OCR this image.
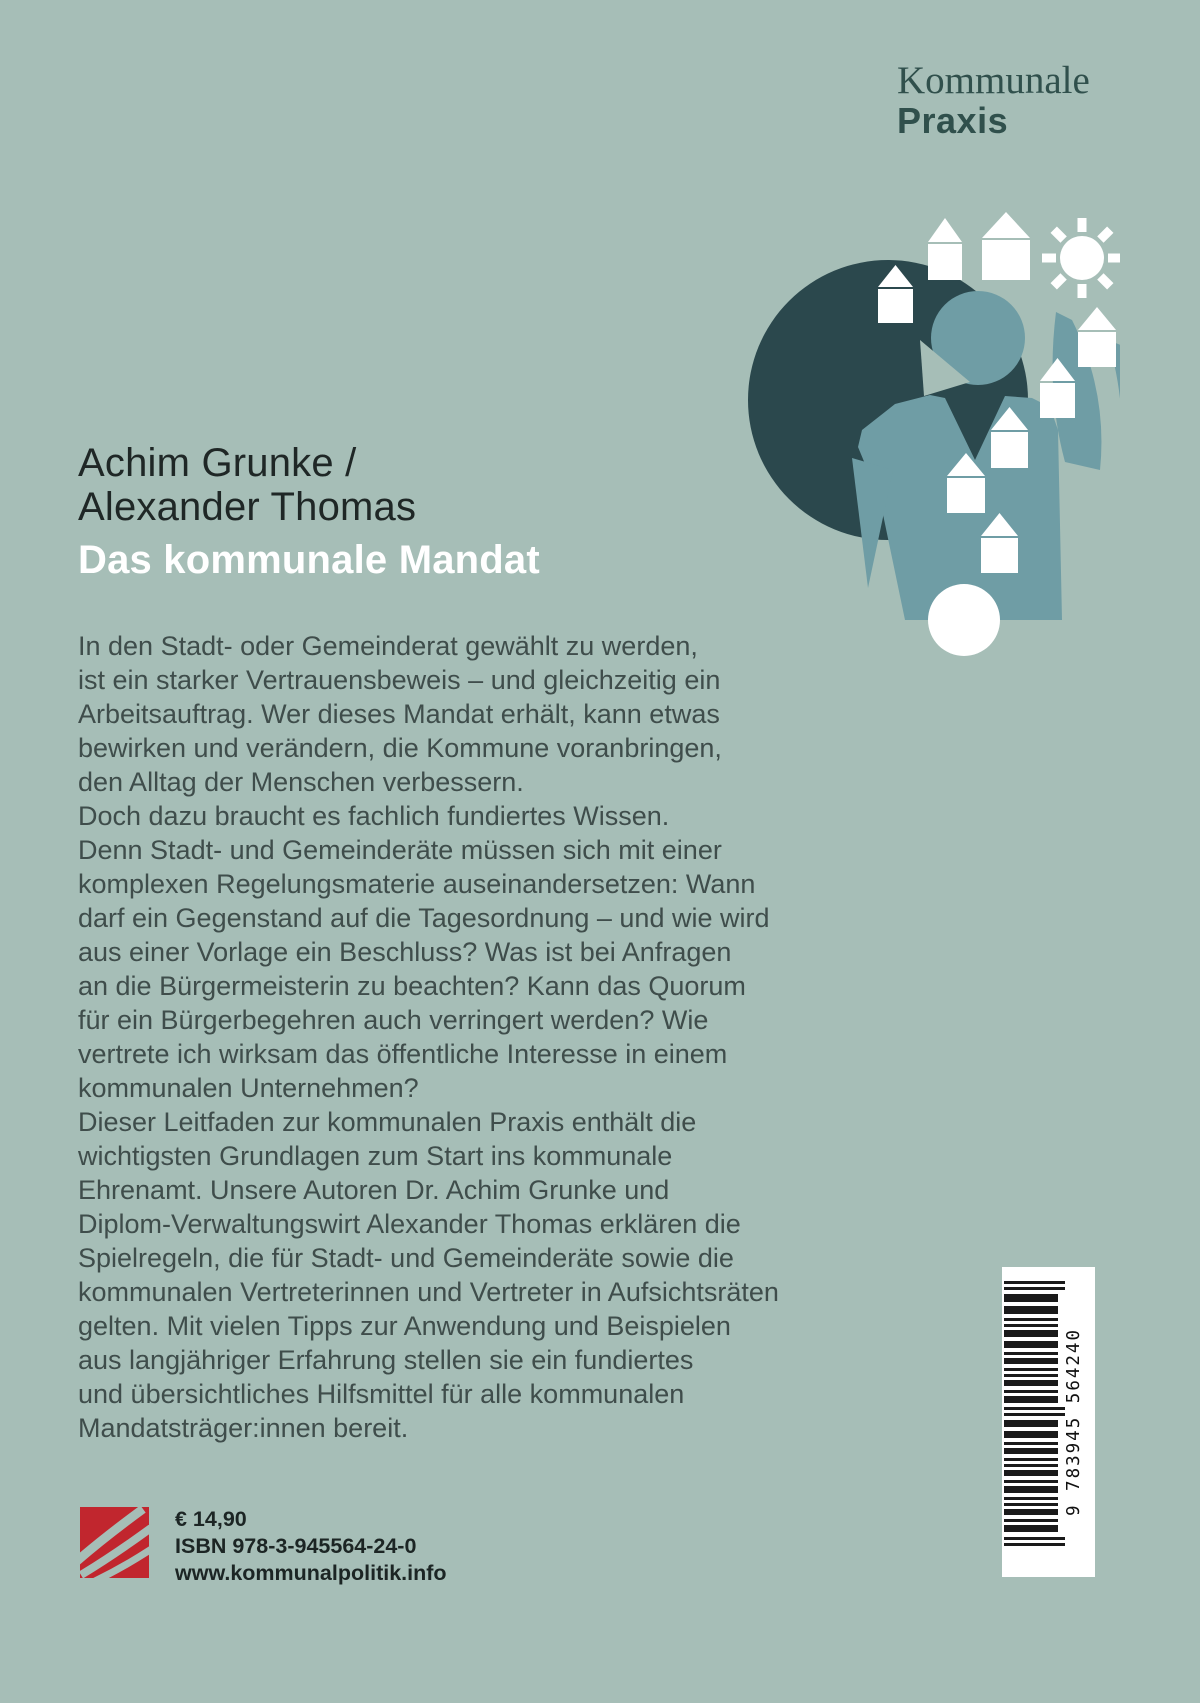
Kommunale
Praxis
Achim Grunke /
Alexander Thomas
Das kommunale Mandat
In den Stadt- oder Gemeinderat gewählt zu werden,
ist ein starker Vertrauensbeweis – und gleichzeitig ein
Arbeitsauftrag. Wer dieses Mandat erhält, kann etwas
bewirken und verändern, die Kommune voranbringen,
den Alltag der Menschen verbessern.
Doch dazu braucht es fachlich fundiertes Wissen.
Denn Stadt- und Gemeinderäte müssen sich mit einer
komplexen Regelungsmaterie auseinandersetzen: Wann
darf ein Gegenstand auf die Tagesordnung – und wie wird
aus einer Vorlage ein Beschluss? Was ist bei Anfragen
an die Bürgermeisterin zu beachten? Kann das Quorum
für ein Bürgerbegehren auch verringert werden? Wie
vertrete ich wirksam das öffentliche Interesse in einem
kommunalen Unternehmen?
Dieser Leitfaden zur kommunalen Praxis enthält die
wichtigsten Grundlagen zum Start ins kommunale
Ehrenamt. Unsere Autoren Dr. Achim Grunke und
Diplom-Verwaltungswirt Alexander Thomas erklären die
Spielregeln, die für Stadt- und Gemeinderäte sowie die
kommunalen Vertreterinnen und Vertreter in Aufsichtsräten
gelten. Mit vielen Tipps zur Anwendung und Beispielen
aus langjähriger Erfahrung stellen sie ein fundiertes
und übersichtliches Hilfsmittel für alle kommunalen
Mandatsträger:innen bereit.
€ 14,90
ISBN 978-3-945564-24-0
www.kommunalpolitik.info
9 783945 564240
